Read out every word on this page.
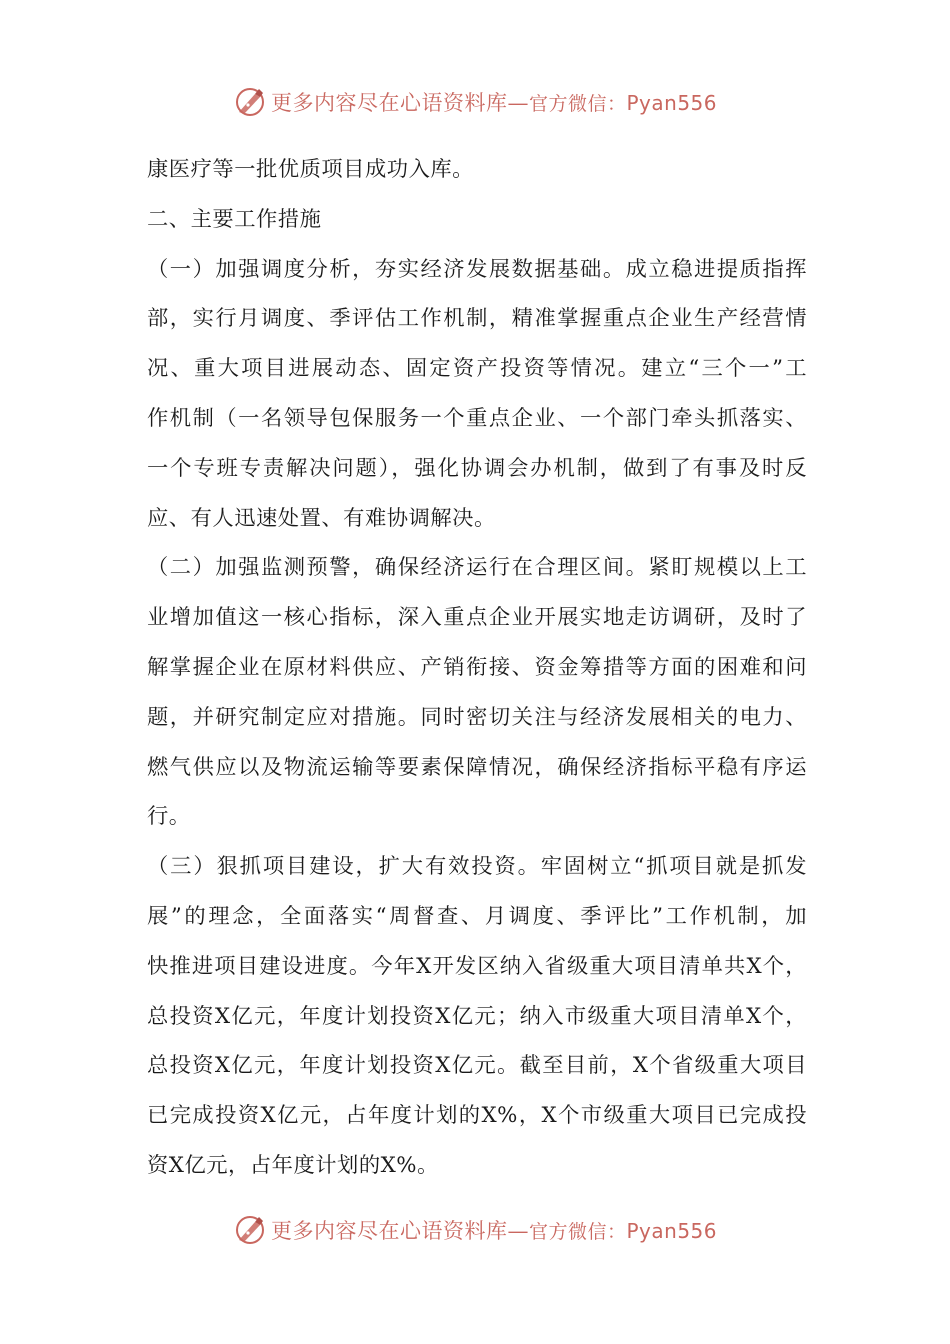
更多内容尽在心语资料库—官方微信：Pyan556
康医疗等一批优质项目成功入库。
二、主要工作措施
（一）加强调度分析，夯实经济发展数据基础。成立稳进提质指挥
部，实行月调度、季评估工作机制，精准掌握重点企业生产经营情
况、重大项目进展动态、固定资产投资等情况。建立“三个一”工
作机制（一名领导包保服务一个重点企业、一个部门牵头抓落实、
一个专班专责解决问题），强化协调会办机制，做到了有事及时反
应、有人迅速处置、有难协调解决。
（二）加强监测预警，确保经济运行在合理区间。紧盯规模以上工
业增加值这一核心指标，深入重点企业开展实地走访调研，及时了
解掌握企业在原材料供应、产销衔接、资金筹措等方面的困难和问
题，并研究制定应对措施。同时密切关注与经济发展相关的电力、
燃气供应以及物流运输等要素保障情况，确保经济指标平稳有序运
行。
（三）狠抓项目建设，扩大有效投资。牢固树立“抓项目就是抓发
展”的理念，全面落实“周督查、月调度、季评比”工作机制，加
快推进项目建设进度。今年X开发区纳入省级重大项目清单共X个，
总投资X亿元，年度计划投资X亿元；纳入市级重大项目清单X个，
总投资X亿元，年度计划投资X亿元。截至目前，X个省级重大项目
已完成投资X亿元，占年度计划的X%，X个市级重大项目已完成投
资X亿元，占年度计划的X%。
更多内容尽在心语资料库—官方微信：Pyan556
